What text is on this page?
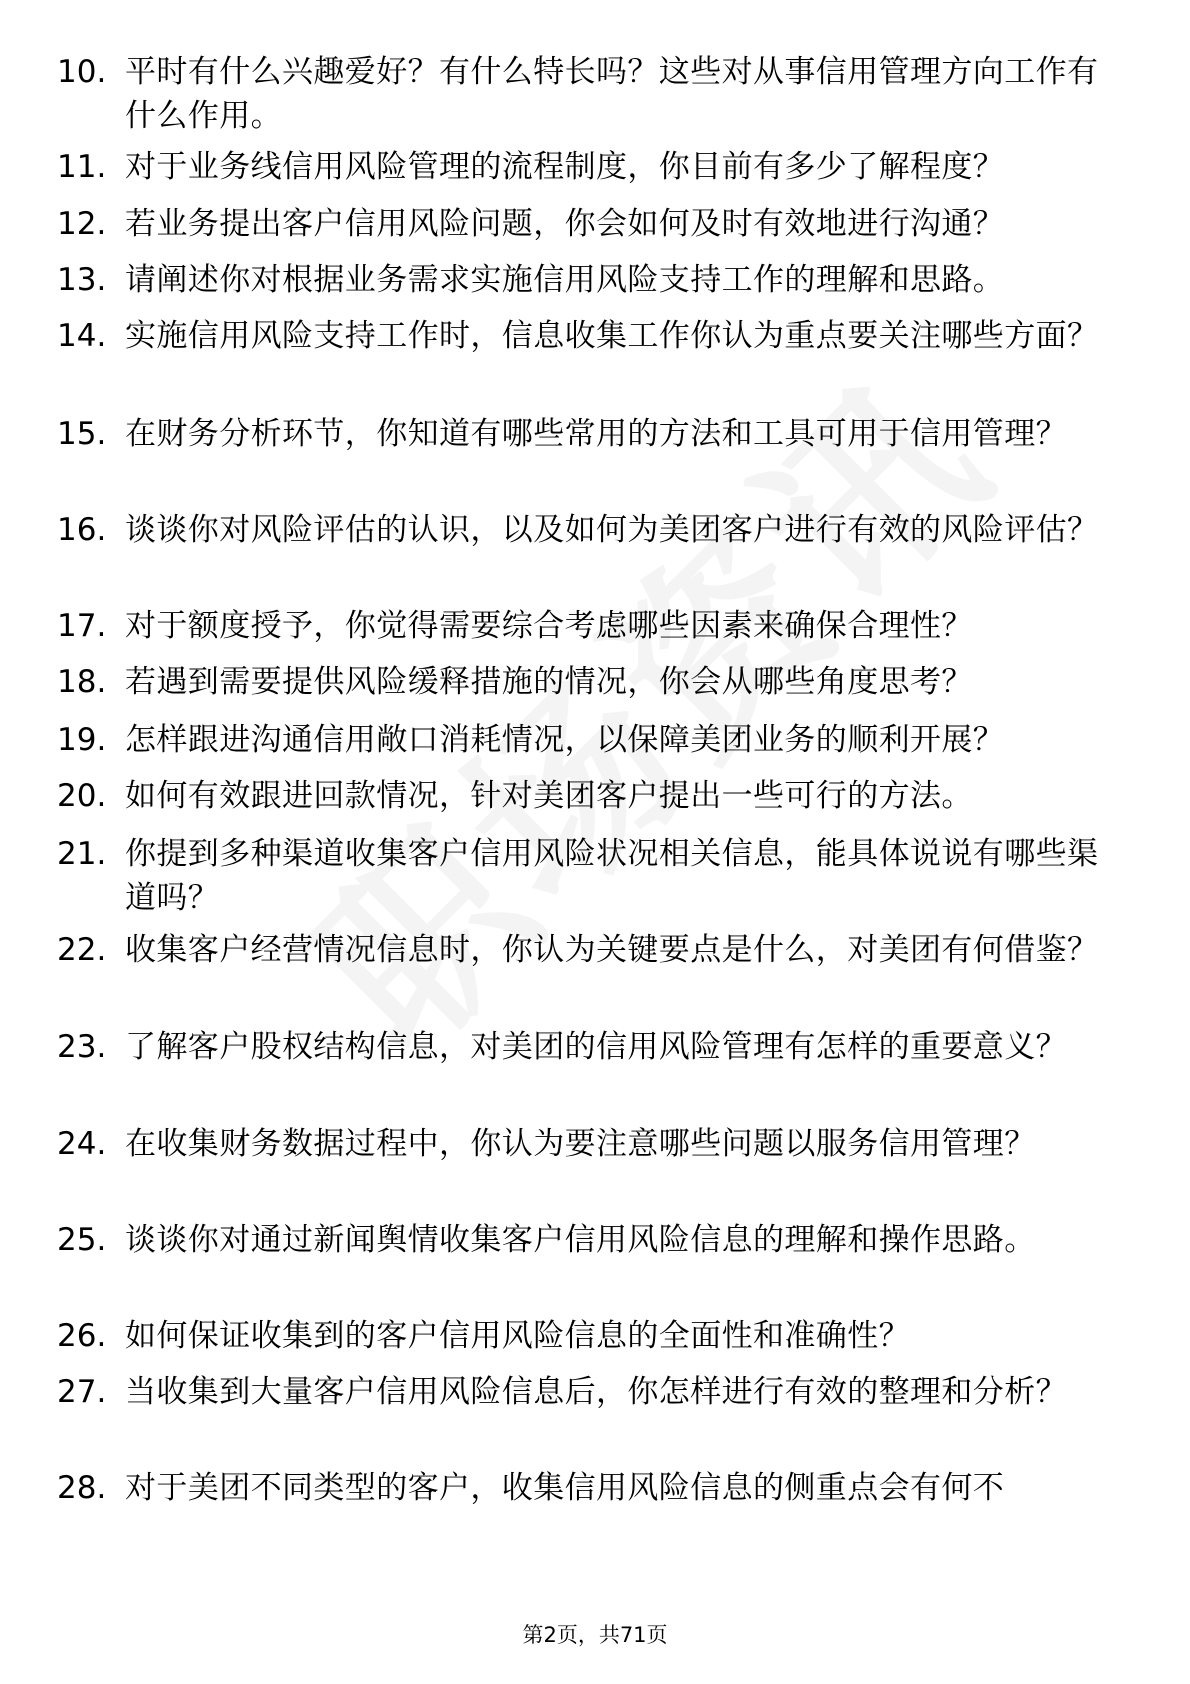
10. 平时有什么兴趣爱好？有什么特长吗？这些对从事信用管理方向工作有什么作用。
11. 对于业务线信用风险管理的流程制度，你目前有多少了解程度？
12. 若业务提出客户信用风险问题，你会如何及时有效地进行沟通？
13. 请阐述你对根据业务需求实施信用风险支持工作的理解和思路。
14. 实施信用风险支持工作时，信息收集工作你认为重点要关注哪些方面？
15. 在财务分析环节，你知道有哪些常用的方法和工具可用于信用管理？
16. 谈谈你对风险评估的认识，以及如何为美团客户进行有效的风险评估？
17. 对于额度授予，你觉得需要综合考虑哪些因素来确保合理性？
18. 若遇到需要提供风险缓释措施的情况，你会从哪些角度思考？
19. 怎样跟进沟通信用敞口消耗情况，以保障美团业务的顺利开展？
20. 如何有效跟进回款情况，针对美团客户提出一些可行的方法。
21. 你提到多种渠道收集客户信用风险状况相关信息，能具体说说有哪些渠道吗？
22. 收集客户经营情况信息时，你认为关键要点是什么，对美团有何借鉴？
23. 了解客户股权结构信息，对美团的信用风险管理有怎样的重要意义？
24. 在收集财务数据过程中，你认为要注意哪些问题以服务信用管理？
25. 谈谈你对通过新闻舆情收集客户信用风险信息的理解和操作思路。
26. 如何保证收集到的客户信用风险信息的全面性和准确性？
27. 当收集到大量客户信用风险信息后，你怎样进行有效的整理和分析？
28. 对于美团不同类型的客户，收集信用风险信息的侧重点会有何不
第2页，共71页
